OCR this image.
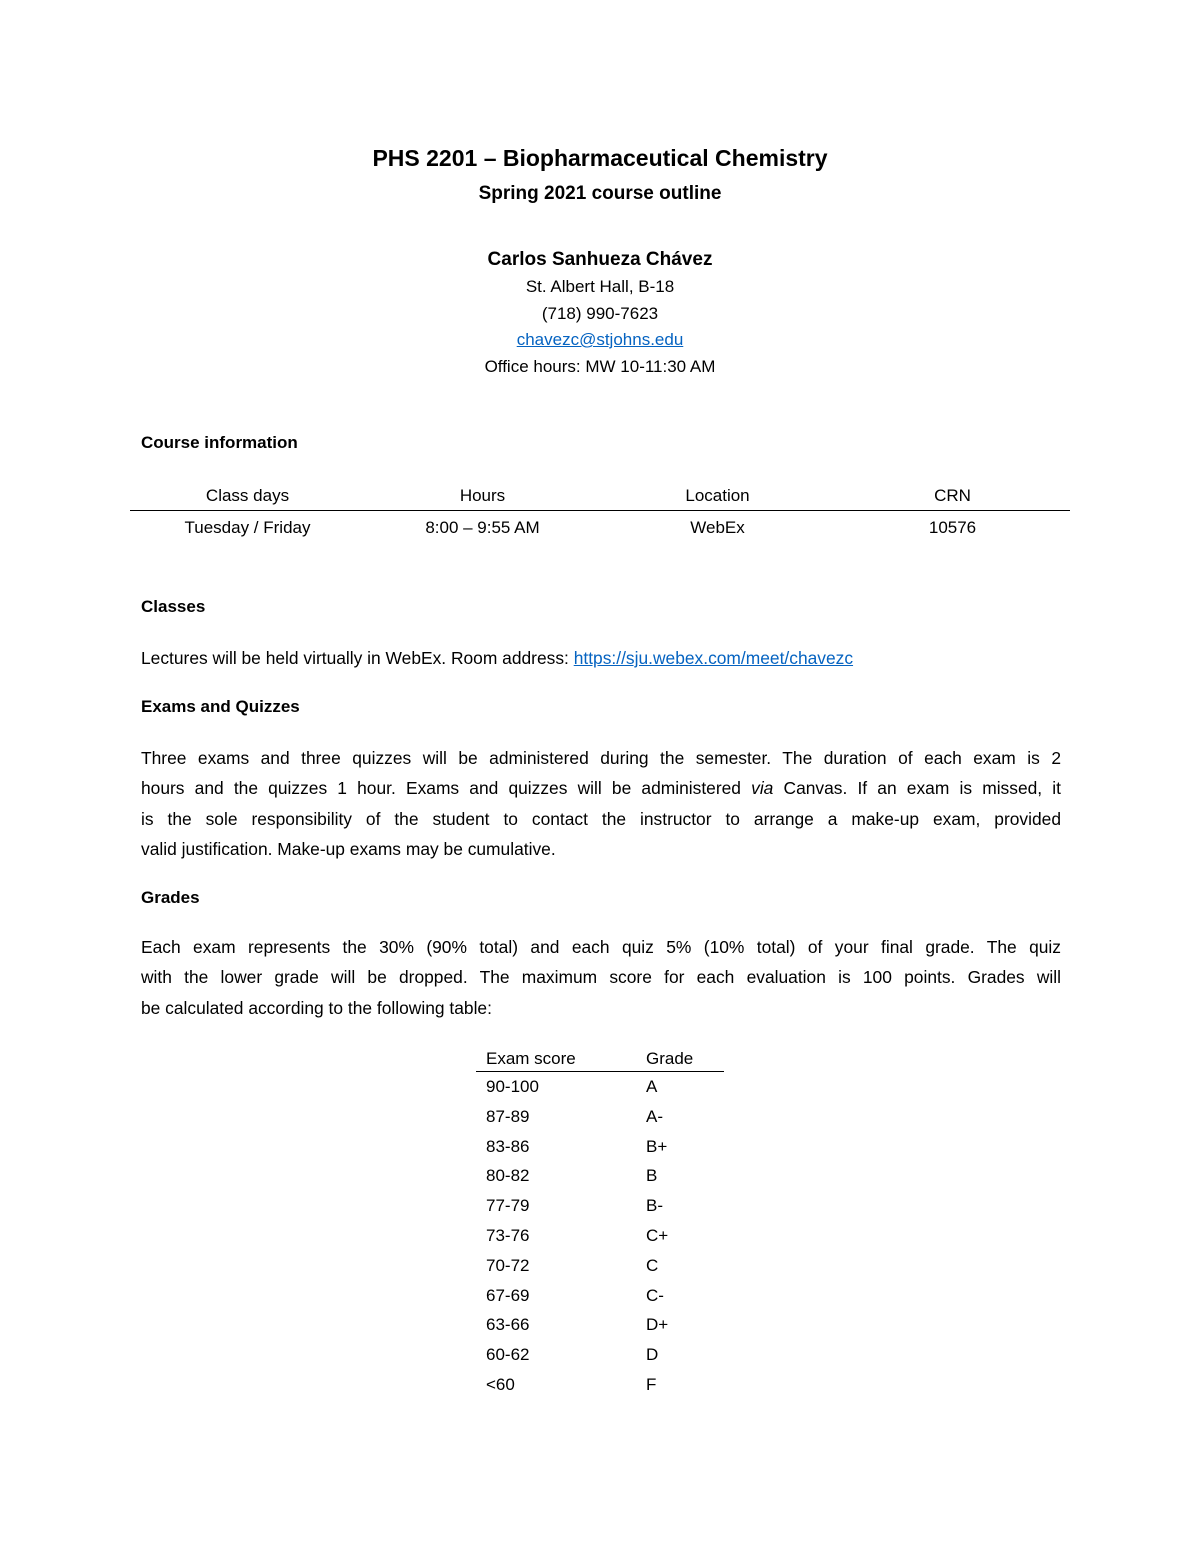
PHS 2201 – Biopharmaceutical Chemistry
Spring 2021 course outline
Carlos Sanhueza Chávez
St. Albert Hall, B-18
(718) 990-7623
chavezc@stjohns.edu
Office hours: MW 10-11:30 AM
Course information
Class days	Hours	Location	CRN
Tuesday / Friday	8:00 – 9:55 AM	WebEx	10576
Classes
Lectures will be held virtually in WebEx. Room address: https://sju.webex.com/meet/chavezc
Exams and Quizzes
Three exams and three quizzes will be administered during the semester. The duration of each exam is 2
hours and the quizzes 1 hour. Exams and quizzes will be administered via Canvas. If an exam is missed, it
is the sole responsibility of the student to contact the instructor to arrange a make-up exam, provided
valid justification. Make-up exams may be cumulative.
Grades
Each exam represents the 30% (90% total) and each quiz 5% (10% total) of your final grade. The quiz
with the lower grade will be dropped. The maximum score for each evaluation is 100 points. Grades will
be calculated according to the following table:
Exam score	Grade
90-100	A
87-89	A-
83-86	B+
80-82	B
77-79	B-
73-76	C+
70-72	C
67-69	C-
63-66	D+
60-62	D
<60	F
